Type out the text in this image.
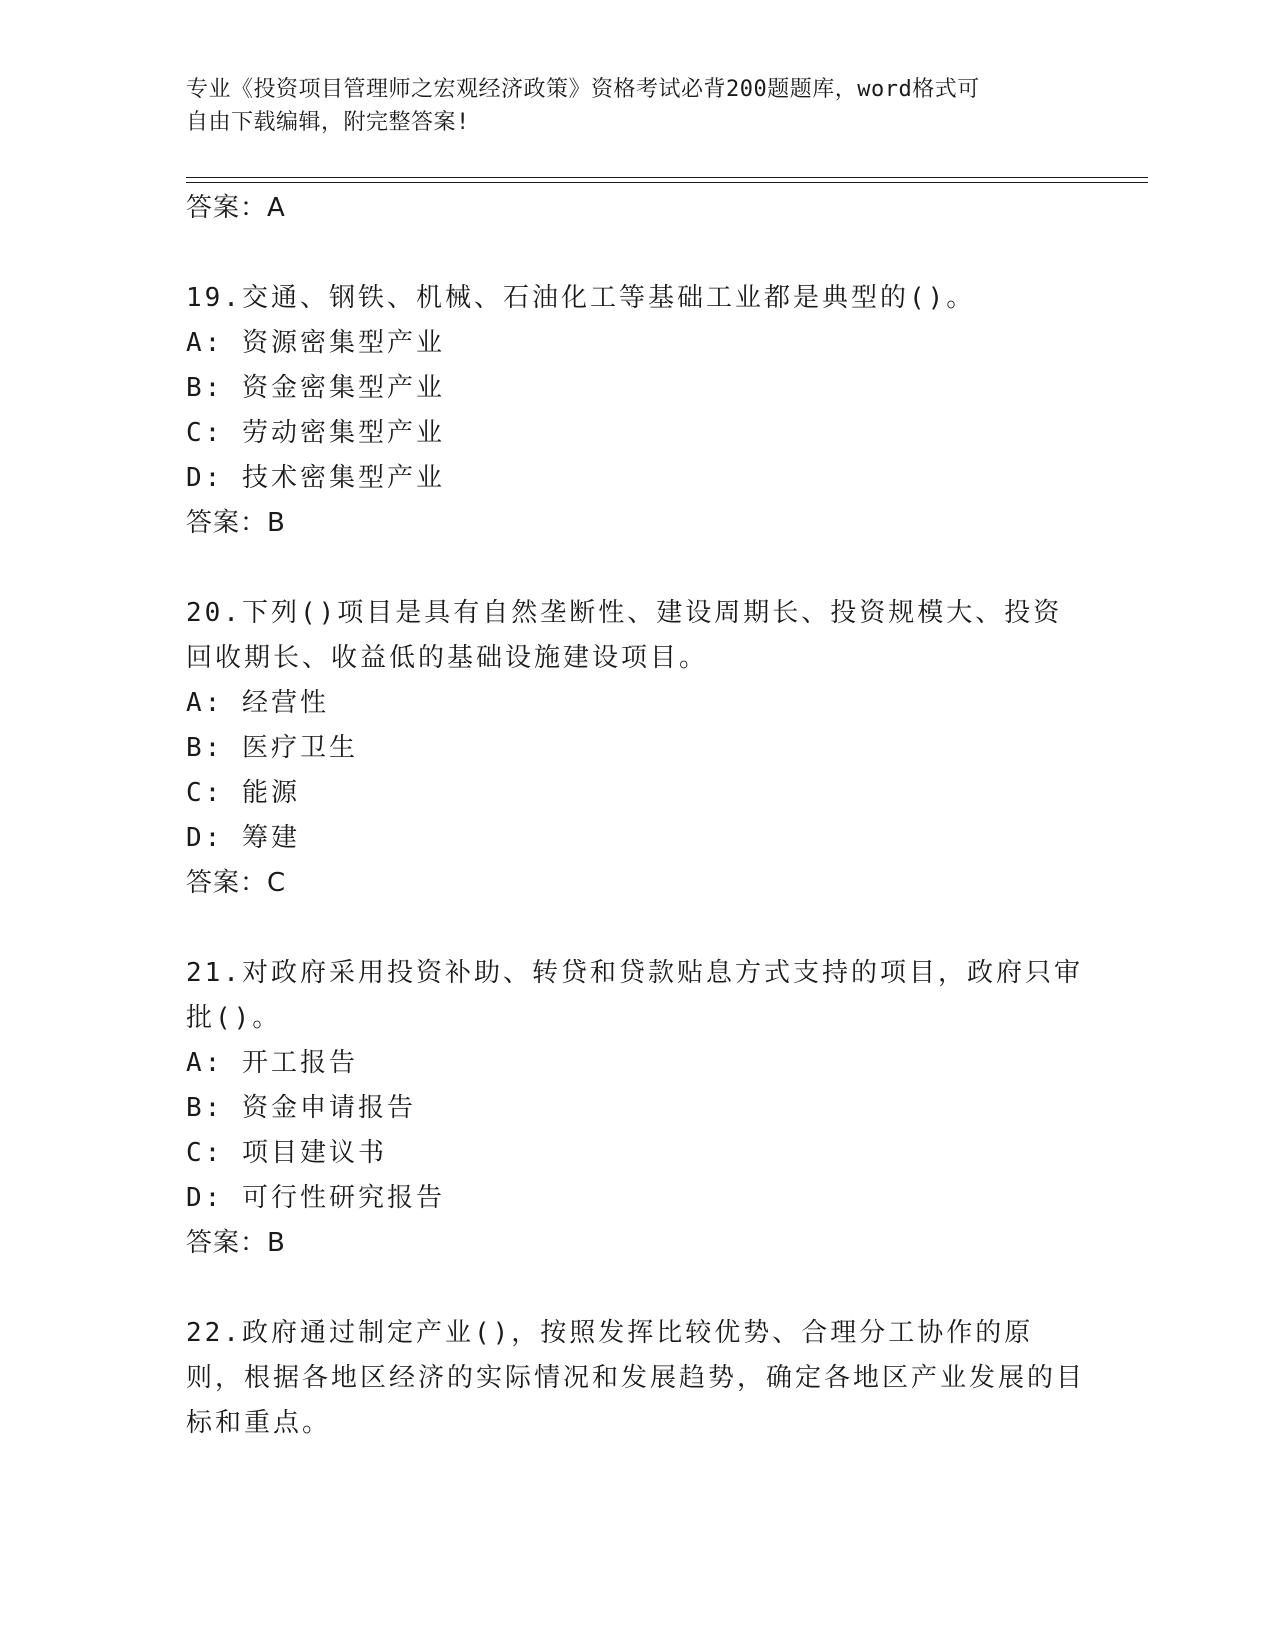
专业《投资项目管理师之宏观经济政策》资格考试必背200题题库，word格式可
自由下载编辑，附完整答案!
答案：A
19.交通、钢铁、机械、石油化工等基础工业都是典型的()。
A: 资源密集型产业
B: 资金密集型产业
C: 劳动密集型产业
D: 技术密集型产业
答案：B
20.下列()项目是具有自然垄断性、建设周期长、投资规模大、投资回收期长、收益低的基础设施建设项目。
A: 经营性
B: 医疗卫生
C: 能源
D: 筹建
答案：C
21.对政府采用投资补助、转贷和贷款贴息方式支持的项目，政府只审批()。
A: 开工报告
B: 资金申请报告
C: 项目建议书
D: 可行性研究报告
答案：B
22.政府通过制定产业()，按照发挥比较优势、合理分工协作的原则，根据各地区经济的实际情况和发展趋势，确定各地区产业发展的目标和重点。
